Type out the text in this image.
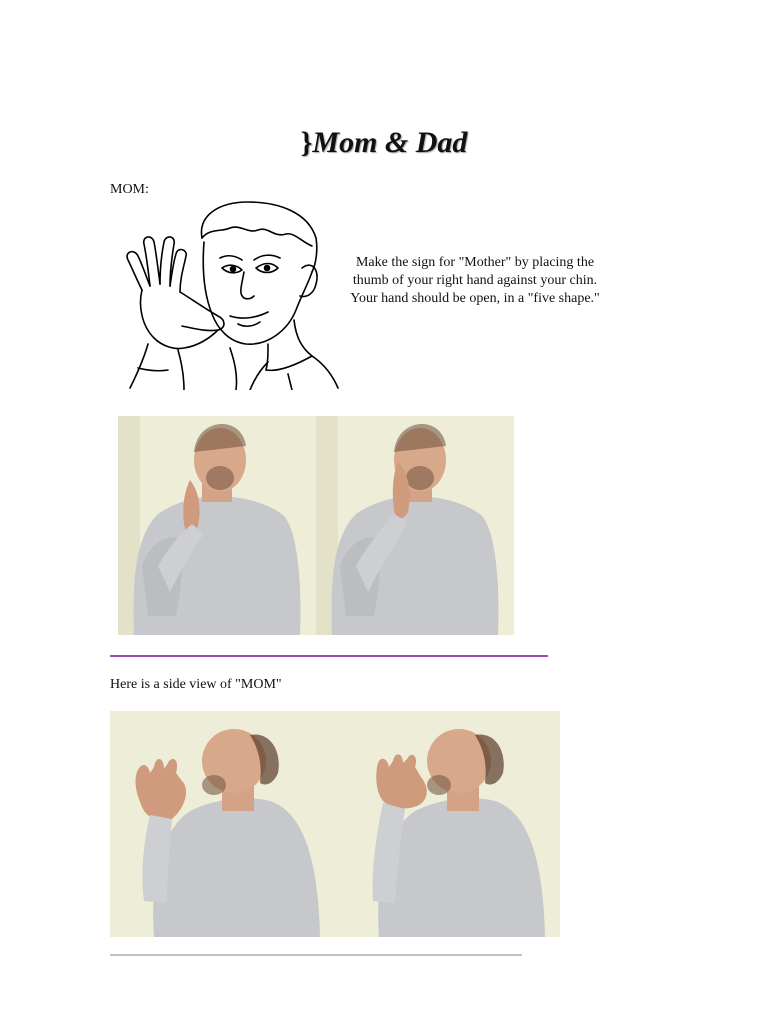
}Mom & Dad
MOM:
Make the sign for "Mother" by placing the thumb of your right hand against your chin. Your hand should be open, in a "five shape."
Here is a side view of "MOM"
